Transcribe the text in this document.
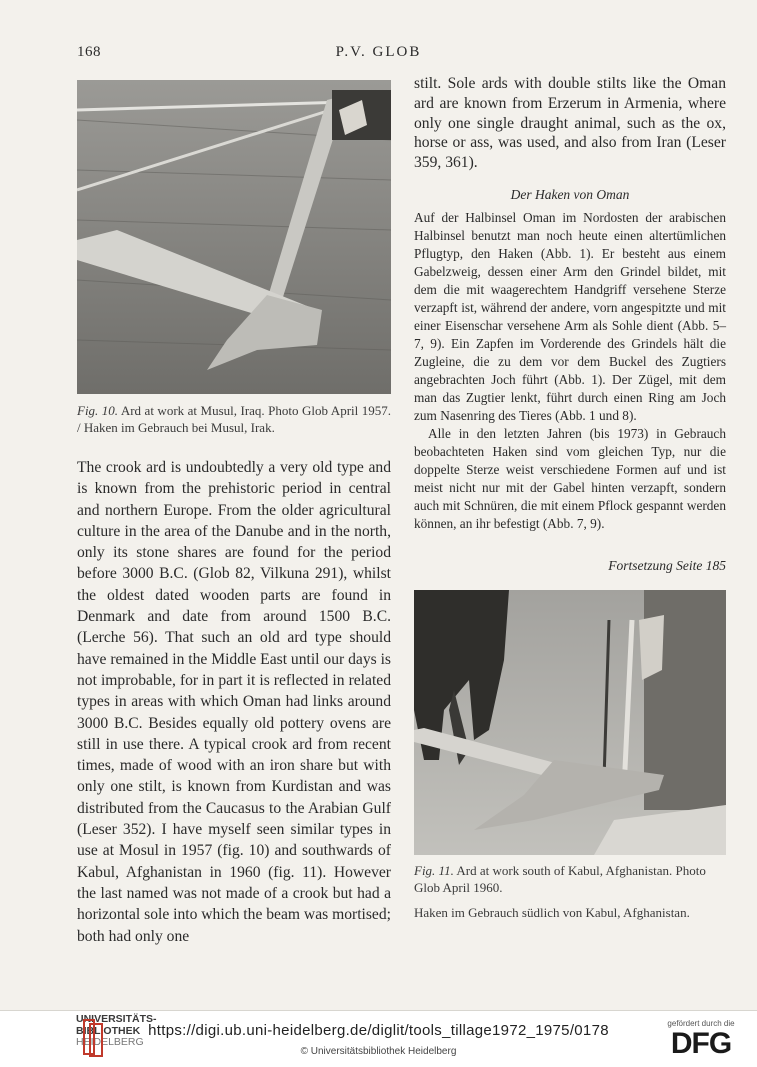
168	P.V. GLOB
Fig. 10. Ard at work at Musul, Iraq. Photo Glob April 1957. / Haken im Gebrauch bei Musul, Irak.

The crook ard is undoubtedly a very old type and is known from the prehistoric period in central and northern Europe. From the older agricultural culture in the area of the Danube and in the north, only its stone shares are found for the period before 3000 B.C. (Glob 82, Vilkuna 291), whilst the oldest dated wooden parts are found in Denmark and date from around 1500 B.C. (Lerche 56). That such an old ard type should have remained in the Middle East until our days is not improbable, for in part it is reflected in related types in areas with which Oman had links around 3000 B.C. Besides equally old pottery ovens are still in use there. A typical crook ard from recent times, made of wood with an iron share but with only one stilt, is known from Kurdistan and was distributed from the Caucasus to the Arabian Gulf (Leser 352). I have myself seen similar types in use at Mosul in 1957 (fig. 10) and southwards of Kabul, Afghanistan in 1960 (fig. 11). However the last named was not made of a crook but had a horizontal sole into which the beam was mortised; both had only one

stilt. Sole ards with double stilts like the Oman ard are known from Erzerum in Armenia, where only one single draught animal, such as the ox, horse or ass, was used, and also from Iran (Leser 359, 361).

Der Haken von Oman

Auf der Halbinsel Oman im Nordosten der arabischen Halbinsel benutzt man noch heute einen altertümlichen Pflugtyp, den Haken (Abb. 1). Er besteht aus einem Gabelzweig, dessen einer Arm den Grindel bildet, mit dem die mit waagerechtem Handgriff versehene Sterze verzapft ist, während der andere, vorn angespitzte und mit einer Eisenschar versehene Arm als Sohle dient (Abb. 5–7, 9). Ein Zapfen im Vorderende des Grindels hält die Zugleine, die zu dem vor dem Buckel des Zugtiers angebrachten Joch führt (Abb. 1). Der Zügel, mit dem man das Zugtier lenkt, führt durch einen Ring am Joch zum Nasenring des Tieres (Abb. 1 und 8).

Alle in den letzten Jahren (bis 1973) in Gebrauch beobachteten Haken sind vom gleichen Typ, nur die doppelte Sterze weist verschiedene Formen auf und ist meist nicht nur mit der Gabel hinten verzapft, sondern auch mit Schnüren, die mit einem Pflock gespannt werden können, an ihr befestigt (Abb. 7, 9).

Fortsetzung Seite 185
Fig. 11. Ard at work south of Kabul, Afghanistan. Photo Glob April 1960.
Haken im Gebrauch südlich von Kabul, Afghanistan.
UNIVERSITÄTS-
BIBLIOTHEK
HEIDELBERG
https://digi.ub.uni-heidelberg.de/diglit/tools_tillage1972_1975/0178
© Universitätsbibliothek Heidelberg
gefördert durch die
DFG
